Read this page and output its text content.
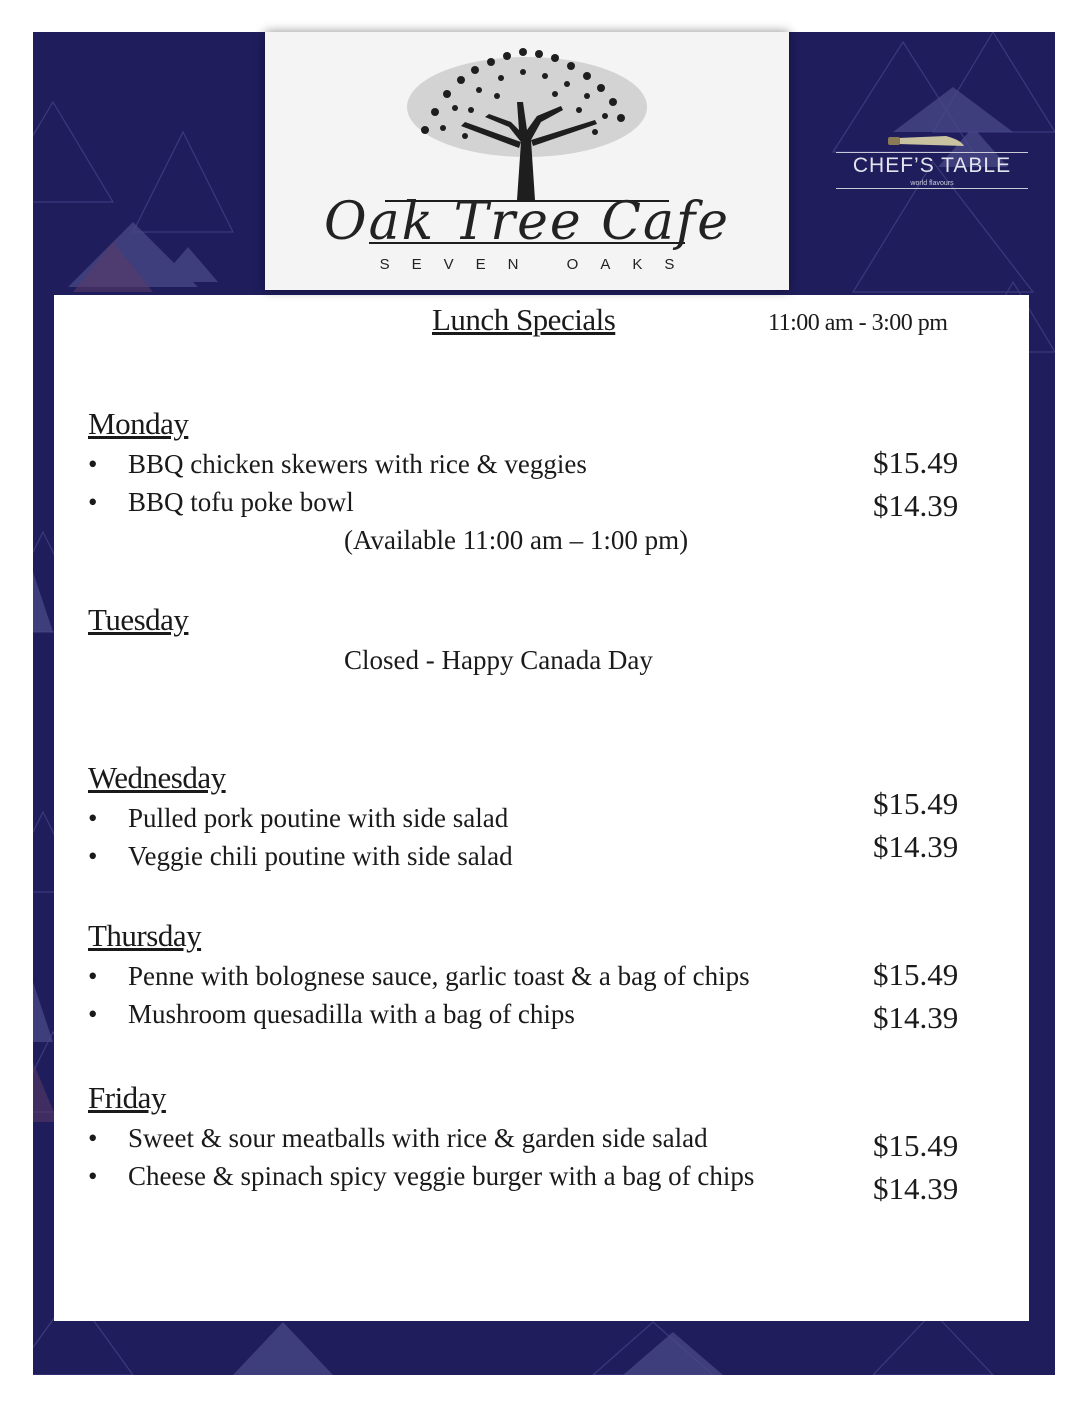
CHEF’S TABLE
world flavours
Oak Tree Cafe
SEVEN OAKS
Lunch Specials	11:00 am - 3:00 pm
Monday
• BBQ chicken skewers with rice & veggies	$15.49
• BBQ tofu poke bowl	$14.39
(Available 11:00 am – 1:00 pm)
Tuesday
Closed - Happy Canada Day
Wednesday
• Pulled pork poutine with side salad	$15.49
• Veggie chili poutine with side salad	$14.39
Thursday
• Penne with bolognese sauce, garlic toast & a bag of chips	$15.49
• Mushroom quesadilla with a bag of chips	$14.39
Friday
• Sweet & sour meatballs with rice & garden side salad	$15.49
• Cheese & spinach spicy veggie burger with a bag of chips	$14.39
